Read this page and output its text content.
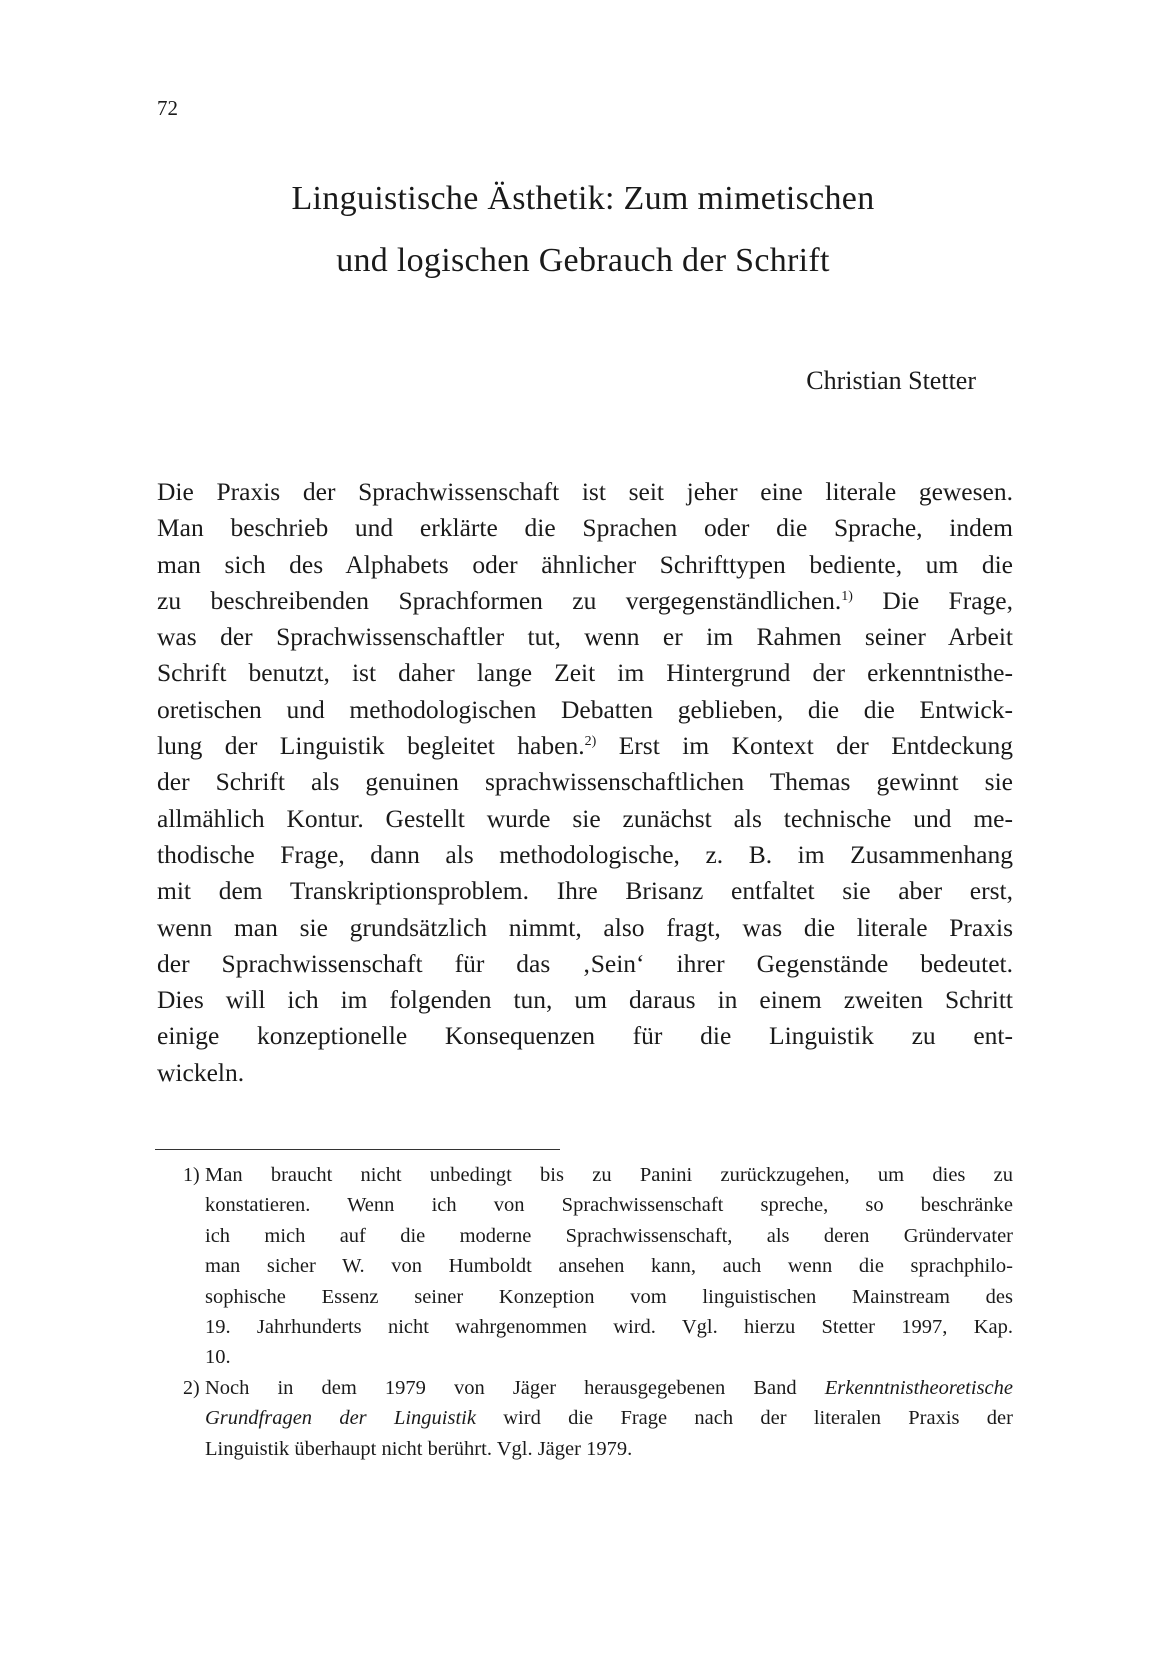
72
Linguistische Ästhetik: Zum mimetischen
und logischen Gebrauch der Schrift
Christian Stetter
Die Praxis der Sprachwissenschaft ist seit jeher eine literale gewesen.
Man beschrieb und erklärte die Sprachen oder die Sprache, indem
man sich des Alphabets oder ähnlicher Schrifttypen bediente, um die
zu beschreibenden Sprachformen zu vergegenständlichen.$^{1)}$ Die Frage,
was der Sprachwissenschaftler tut, wenn er im Rahmen seiner Arbeit
Schrift benutzt, ist daher lange Zeit im Hintergrund der erkenntnisthe-
oretischen und methodologischen Debatten geblieben, die die Entwick-
lung der Linguistik begleitet haben.$^{2)}$ Erst im Kontext der Entdeckung
der Schrift als genuinen sprachwissenschaftlichen Themas gewinnt sie
allmählich Kontur. Gestellt wurde sie zunächst als technische und me-
thodische Frage, dann als methodologische, z. B. im Zusammenhang
mit dem Transkriptionsproblem. Ihre Brisanz entfaltet sie aber erst,
wenn man sie grundsätzlich nimmt, also fragt, was die literale Praxis
der Sprachwissenschaft für das ‚Sein‘ ihrer Gegenstände bedeutet.
Dies will ich im folgenden tun, um daraus in einem zweiten Schritt
einige konzeptionelle Konsequenzen für die Linguistik zu ent-
wickeln.
1) Man braucht nicht unbedingt bis zu Panini zurückzugehen, um dies zu
konstatieren. Wenn ich von Sprachwissenschaft spreche, so beschränke
ich mich auf die moderne Sprachwissenschaft, als deren Gründervater
man sicher W. von Humboldt ansehen kann, auch wenn die sprachphilo-
sophische Essenz seiner Konzeption vom linguistischen Mainstream des
19. Jahrhunderts nicht wahrgenommen wird. Vgl. hierzu Stetter 1997, Kap.
10.
2) Noch in dem 1979 von Jäger herausgegebenen Band Erkenntnistheoretische
Grundfragen der Linguistik wird die Frage nach der literalen Praxis der
Linguistik überhaupt nicht berührt. Vgl. Jäger 1979.
